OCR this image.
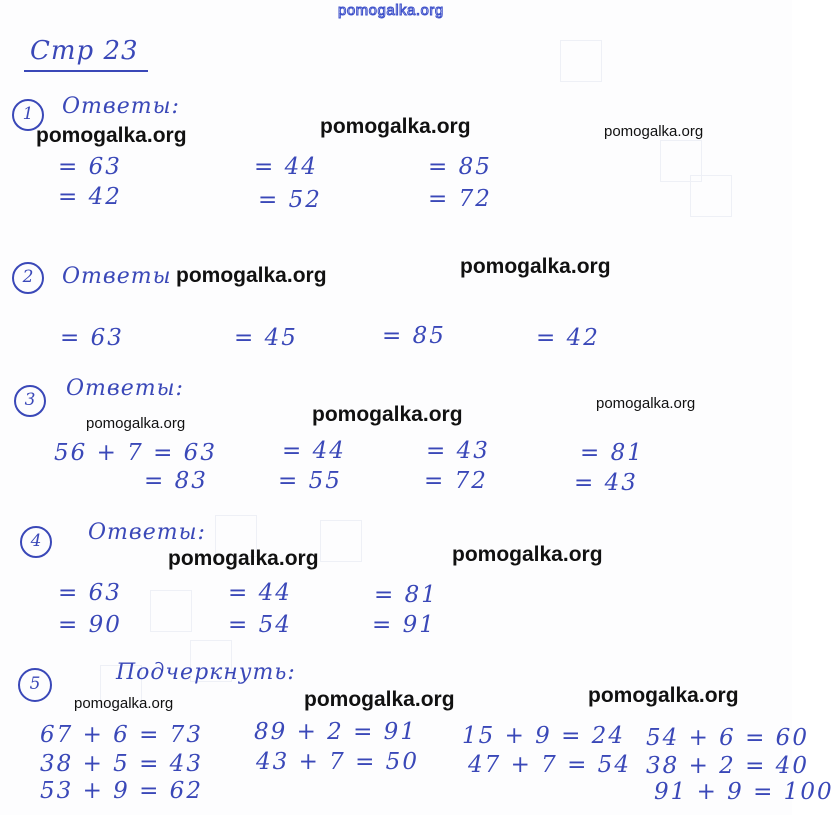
pomogalka.org
Стр 23
1	Ответы:
= 63	= 44	= 85
= 42	= 52	= 72
2	Ответы
= 63	= 45	= 85	= 42
3	Ответы:
56 + 7 = 63	= 44	= 43	= 81
= 83	= 55	= 72	= 43
4	Ответы:
= 63	= 44	= 81
= 90	= 54	= 91
5	Подчеркнуть:
67 + 6 = 73
38 + 5 = 43
53 + 9 = 62
89 + 2 = 91
43 + 7 = 50
15 + 9 = 24
47 + 7 = 54
54 + 6 = 60
38 + 2 = 40
91 + 9 = 100
pomogalka.org	pomogalka.org	pomogalka.org
pomogalka.org	pomogalka.org
pomogalka.org	pomogalka.org	pomogalka.org
pomogalka.org	pomogalka.org
pomogalka.org	pomogalka.org	pomogalka.org
